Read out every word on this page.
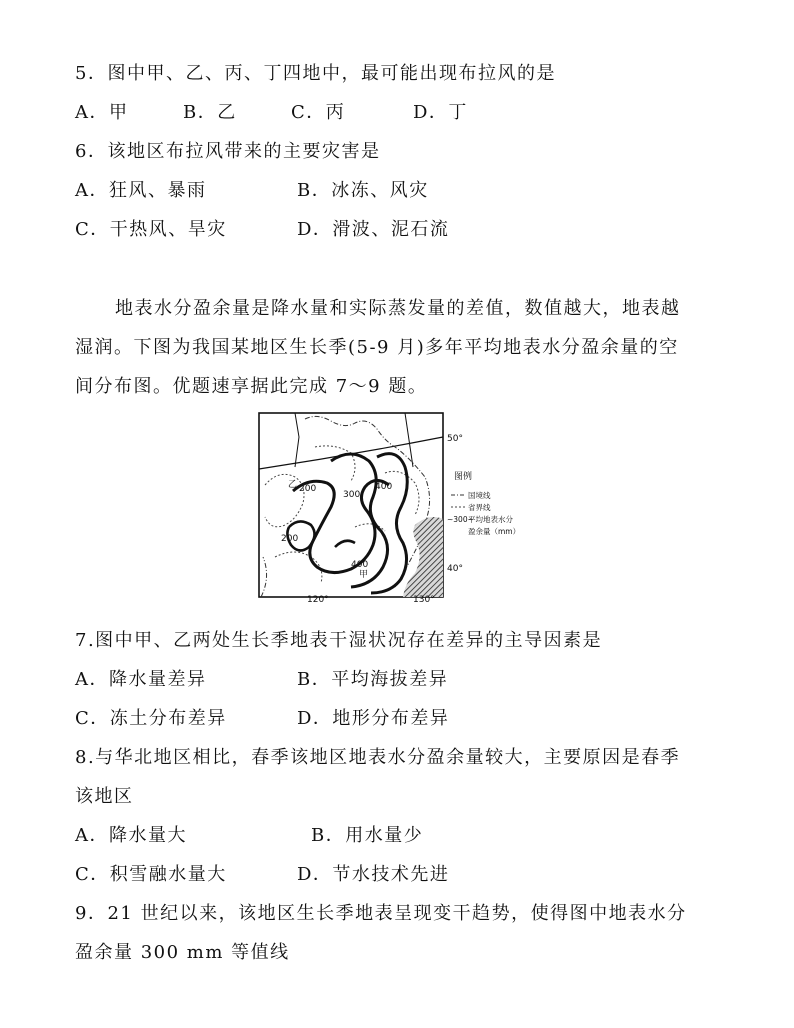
5．图中甲、乙、丙、丁四地中，最可能出现布拉风的是
A．甲	B．乙	C．丙	D．丁
6．该地区布拉风带来的主要灾害是
A．狂风、暴雨	B．冰冻、风灾
C．干热风、旱灾	D．滑波、泥石流
地表水分盈余量是降水量和实际蒸发量的差值，数值越大，地表越
湿润。下图为我国某地区生长季(5-9 月)多年平均地表水分盈余量的空
间分布图。优题速享据此完成 7～9 题。
50°
40°
120°	130°
200
300
400
200
400
乙
甲
图例
国境线
省界线
~300~
平均地表水分
盈余量（mm）
7.图中甲、乙两处生长季地表干湿状况存在差异的主导因素是
A．降水量差异	B．平均海拔差异
C．冻土分布差异	D．地形分布差异
8.与华北地区相比，春季该地区地表水分盈余量较大，主要原因是春季
该地区
A．降水量大	B．用水量少
C．积雪融水量大	D．节水技术先进
9．21 世纪以来，该地区生长季地表呈现变干趋势，使得图中地表水分
盈余量 300 mm 等值线
